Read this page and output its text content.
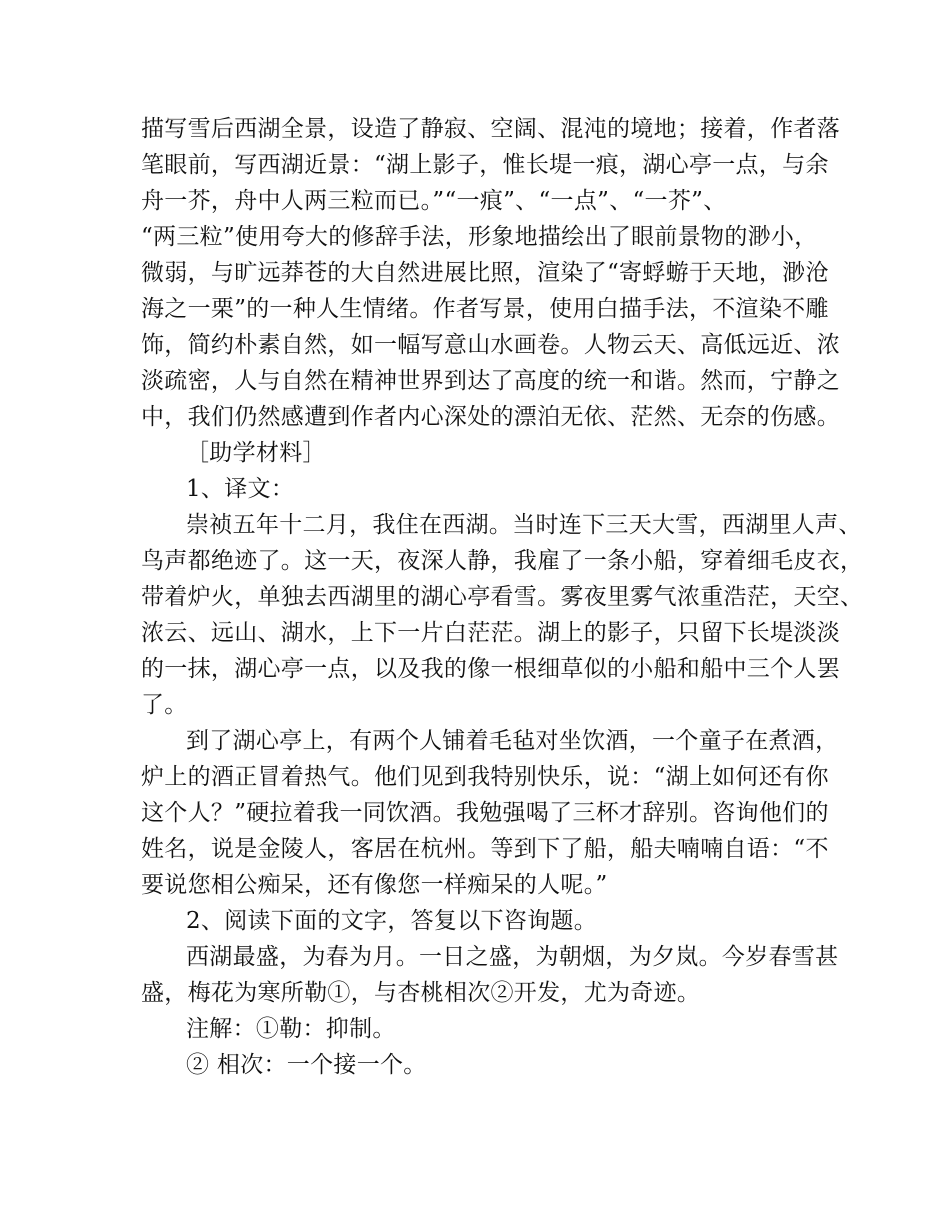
描写雪后西湖全景，设造了静寂、空阔、混沌的境地；接着，作者落
笔眼前，写西湖近景：“湖上影子，惟长堤一痕，湖心亭一点，与余
舟一芥，舟中人两三粒而已。”“一痕”、“一点”、“一芥”、
“两三粒”使用夸大的修辞手法，形象地描绘出了眼前景物的渺小，
微弱，与旷远莽苍的大自然进展比照，渲染了“寄蜉蝣于天地，渺沧
海之一栗”的一种人生情绪。作者写景，使用白描手法，不渲染不雕
饰，简约朴素自然，如一幅写意山水画卷。人物云天、高低远近、浓
淡疏密，人与自然在精神世界到达了高度的统一和谐。然而，宁静之
中，我们仍然感遭到作者内心深处的漂泊无依、茫然、无奈的伤感。
［助学材料］
1、译文：
崇祯五年十二月，我住在西湖。当时连下三天大雪，西湖里人声、
鸟声都绝迹了。这一天，夜深人静，我雇了一条小船，穿着细毛皮衣，
带着炉火，单独去西湖里的湖心亭看雪。雾夜里雾气浓重浩茫，天空、
浓云、远山、湖水，上下一片白茫茫。湖上的影子，只留下长堤淡淡
的一抹，湖心亭一点，以及我的像一根细草似的小船和船中三个人罢
了。
到了湖心亭上，有两个人铺着毛毡对坐饮酒，一个童子在煮酒，
炉上的酒正冒着热气。他们见到我特别快乐，说：“湖上如何还有你
这个人？”硬拉着我一同饮酒。我勉强喝了三杯才辞别。咨询他们的
姓名，说是金陵人，客居在杭州。等到下了船，船夫喃喃自语：“不
要说您相公痴呆，还有像您一样痴呆的人呢。”
2、阅读下面的文字，答复以下咨询题。
西湖最盛，为春为月。一日之盛，为朝烟，为夕岚。今岁春雪甚
盛，梅花为寒所勒①，与杏桃相次②开发，尤为奇迹。
注解：①勒：抑制。
② 相次：一个接一个。
